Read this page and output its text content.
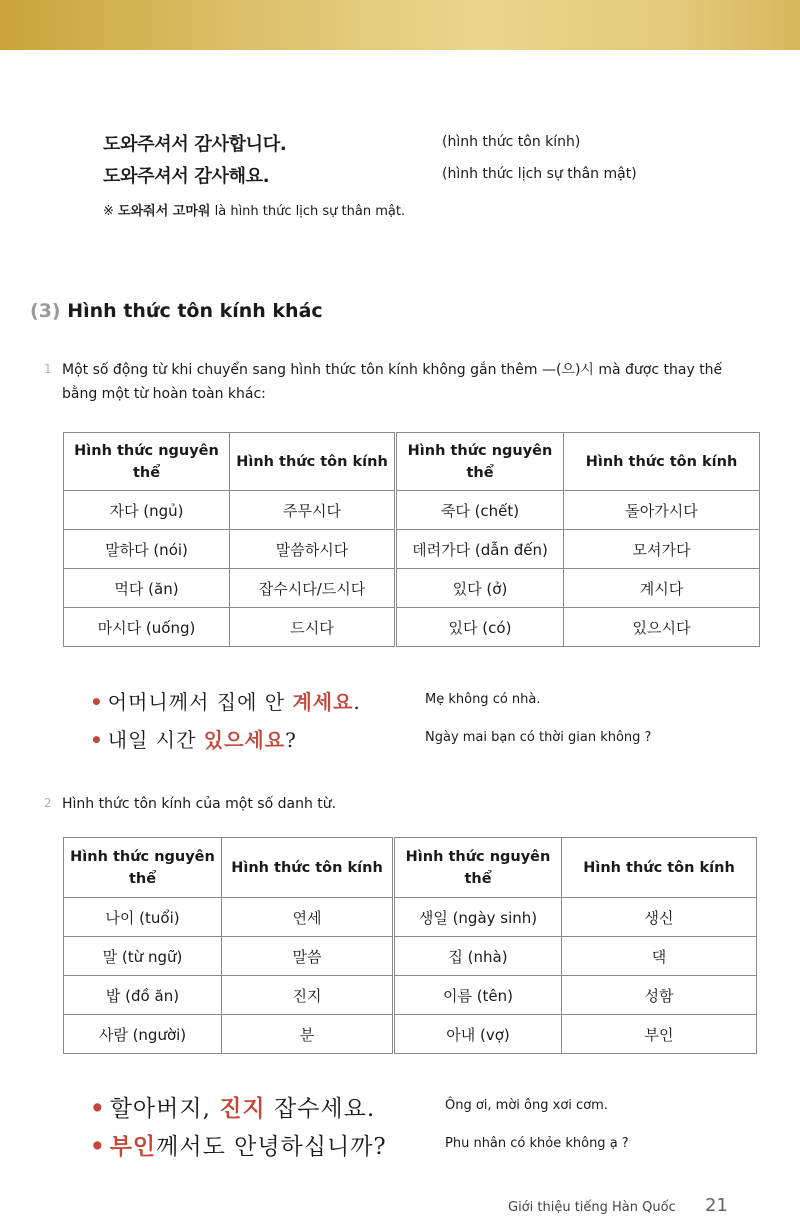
도와주셔서 감사합니다.	(hình thức tôn kính)
도와주셔서 감사해요.	(hình thức lịch sự thân mật)
※ 도와줘서 고마워 là hình thức lịch sự thân mật.
(3) Hình thức tôn kính khác
1 Một số động từ khi chuyển sang hình thức tôn kính không gắn thêm —(으)시 mà được thay thế
bằng một từ hoàn toàn khác:
Hình thức nguyên thể	Hình thức tôn kính	Hình thức nguyên thể	Hình thức tôn kính
자다 (ngủ)	주무시다	죽다 (chết)	돌아가시다
말하다 (nói)	말씀하시다	데려가다 (dẫn đến)	모셔가다
먹다 (ăn)	잡수시다/드시다	있다 (ở)	계시다
마시다 (uống)	드시다	있다 (có)	있으시다
• 어머니께서 집에 안 계세요.	Mẹ không có nhà.
• 내일 시간 있으세요?	Ngày mai bạn có thời gian không ?
2 Hình thức tôn kính của một số danh từ.
Hình thức nguyên thể	Hình thức tôn kính	Hình thức nguyên thể	Hình thức tôn kính
나이 (tuổi)	연세	생일 (ngày sinh)	생신
말 (từ ngữ)	말씀	집 (nhà)	댁
밥 (đồ ăn)	진지	이름 (tên)	성함
사람 (người)	분	아내 (vợ)	부인
• 할아버지, 진지 잡수세요.	Ông ơi, mời ông xơi cơm.
• 부인께서도 안녕하십니까?	Phu nhân có khỏe không ạ ?
Giới thiệu tiếng Hàn Quốc 21
